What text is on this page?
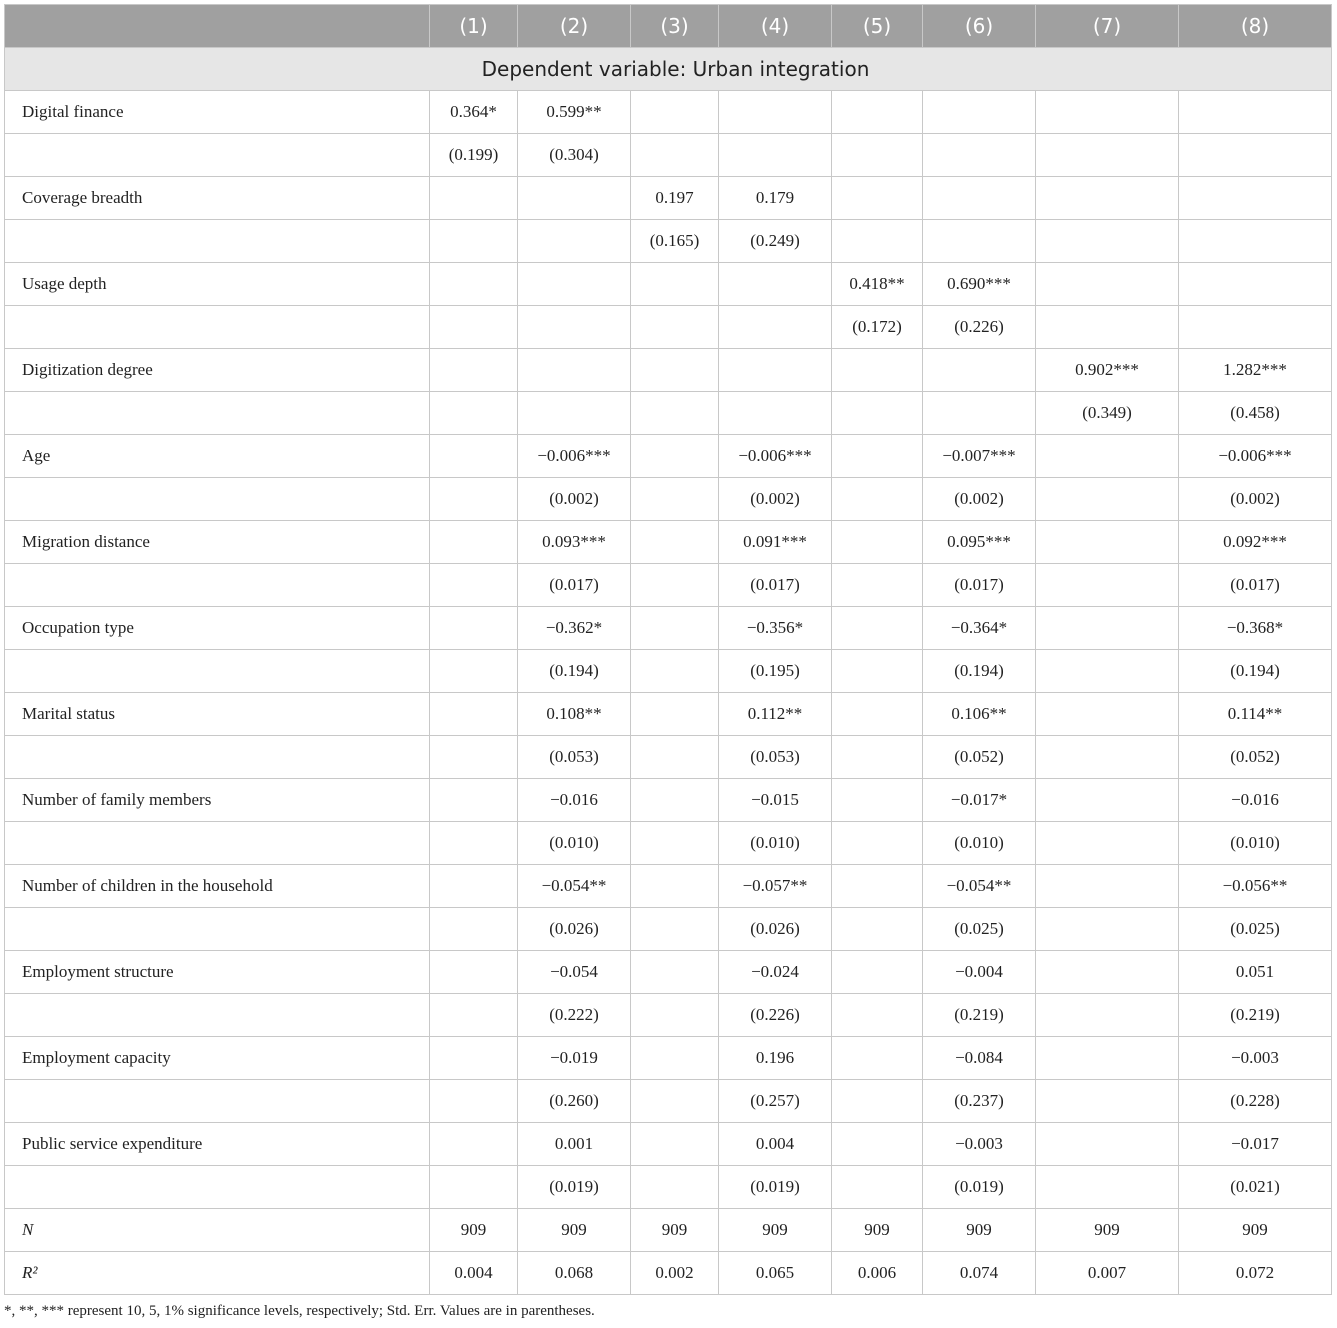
	(1)	(2)	(3)	(4)	(5)	(6)	(7)	(8)
Dependent variable: Urban integration								
Digital finance	0.364*	0.599**						
	(0.199)	(0.304)						
Coverage breadth			0.197	0.179				
			(0.165)	(0.249)				
Usage depth					0.418**	0.690***		
					(0.172)	(0.226)		
Digitization degree							0.902***	1.282***
							(0.349)	(0.458)
Age		−0.006***		−0.006***		−0.007***		−0.006***
		(0.002)		(0.002)		(0.002)		(0.002)
Migration distance		0.093***		0.091***		0.095***		0.092***
		(0.017)		(0.017)		(0.017)		(0.017)
Occupation type		−0.362*		−0.356*		−0.364*		−0.368*
		(0.194)		(0.195)		(0.194)		(0.194)
Marital status		0.108**		0.112**		0.106**		0.114**
		(0.053)		(0.053)		(0.052)		(0.052)
Number of family members		−0.016		−0.015		−0.017*		−0.016
		(0.010)		(0.010)		(0.010)		(0.010)
Number of children in the household		−0.054**		−0.057**		−0.054**		−0.056**
		(0.026)		(0.026)		(0.025)		(0.025)
Employment structure		−0.054		−0.024		−0.004		0.051
		(0.222)		(0.226)		(0.219)		(0.219)
Employment capacity		−0.019		0.196		−0.084		−0.003
		(0.260)		(0.257)		(0.237)		(0.228)
Public service expenditure		0.001		0.004		−0.003		−0.017
		(0.019)		(0.019)		(0.019)		(0.021)
N	909	909	909	909	909	909	909	909
R²	0.004	0.068	0.002	0.065	0.006	0.074	0.007	0.072
*, **, *** represent 10, 5, 1% significance levels, respectively; Std. Err. Values are in parentheses.
